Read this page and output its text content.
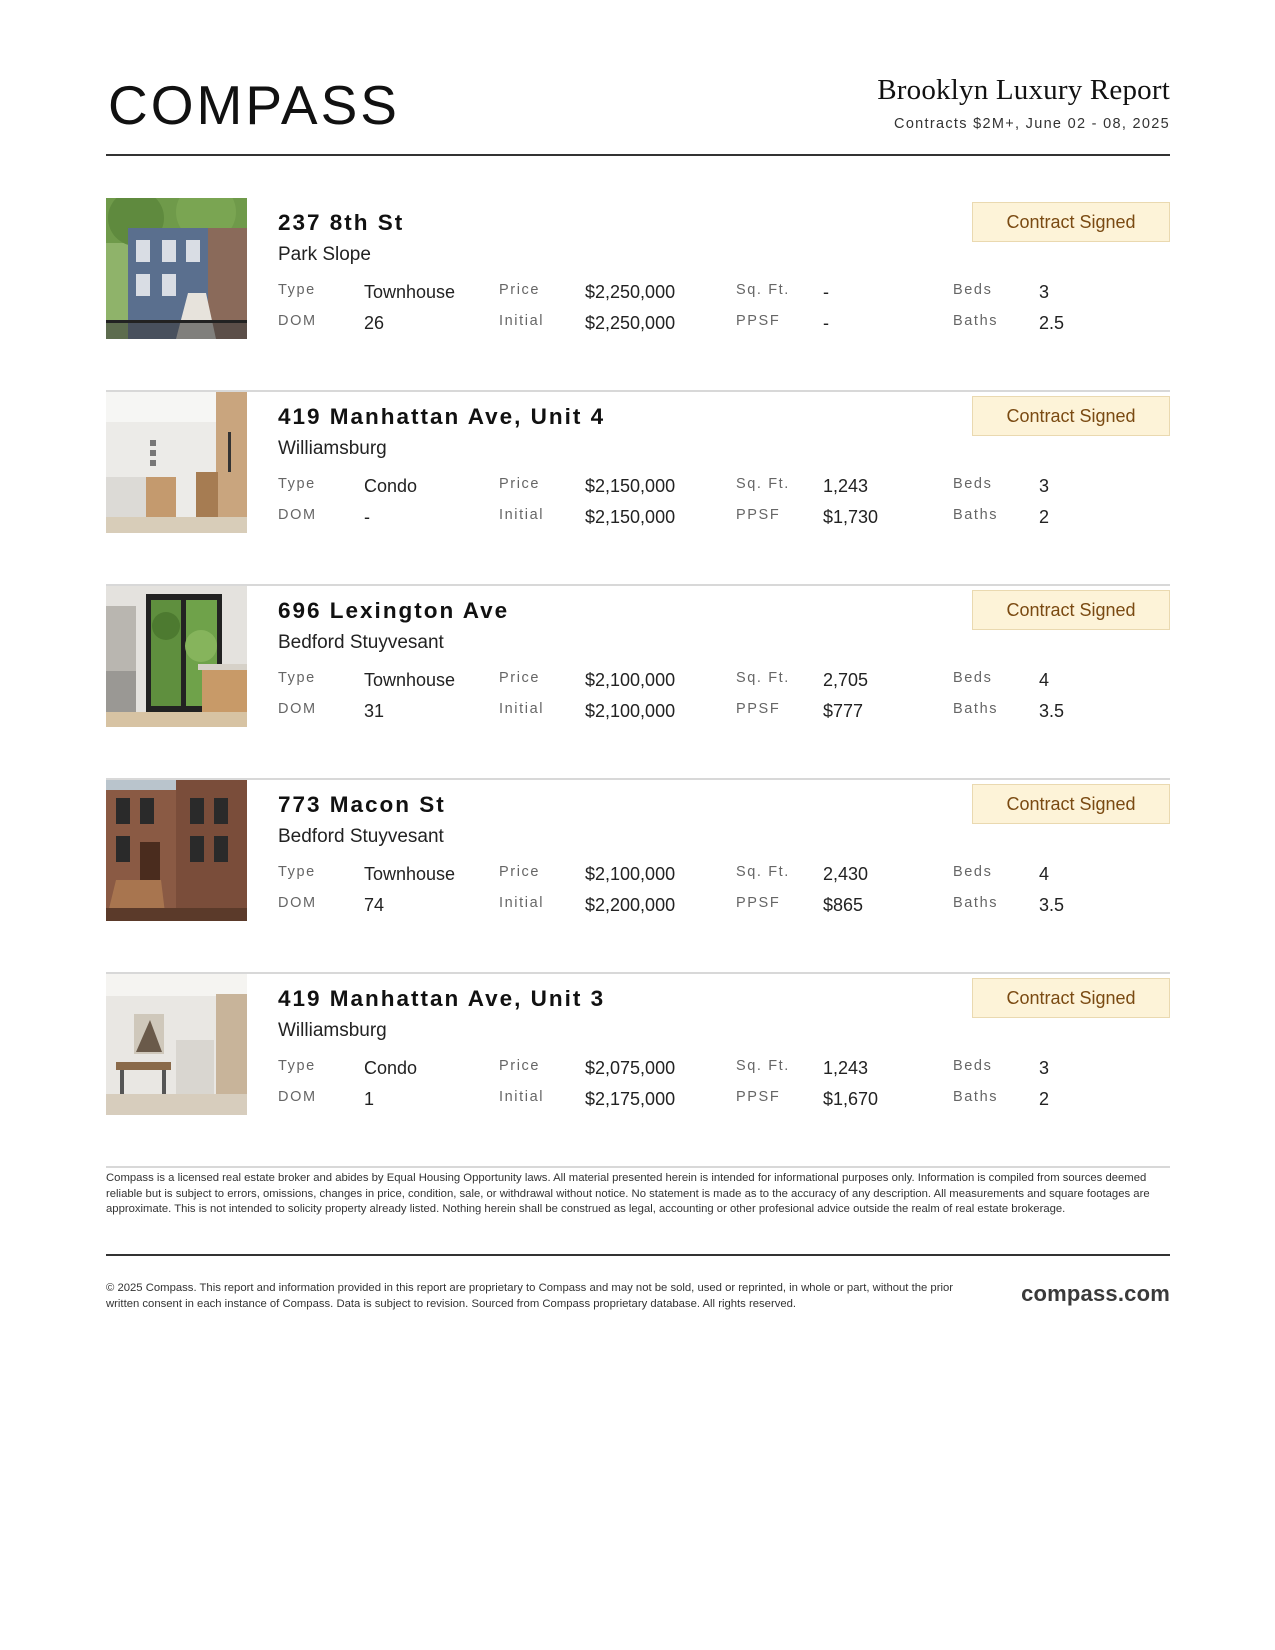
COMPASS	Brooklyn Luxury Report
Contracts $2M+, June 02 - 08, 2025
237 8th St
Park Slope
Contract Signed
Type	Townhouse	Price $2,250,000	Sq. Ft. -	Beds	3
DOM	26	Initial $2,250,000	PPSF -	Baths 2.5
419 Manhattan Ave, Unit 4
Williamsburg
Contract Signed
Type	Condo	Price $2,150,000	Sq. Ft. 1,243	Beds	3
DOM	-	Initial $2,150,000	PPSF $1,730	Baths 2
696 Lexington Ave
Bedford Stuyvesant
Contract Signed
Type	Townhouse	Price $2,100,000	Sq. Ft. 2,705	Beds	4
DOM	31	Initial $2,100,000	PPSF $777	Baths 3.5
773 Macon St
Bedford Stuyvesant
Contract Signed
Type	Townhouse	Price $2,100,000	Sq. Ft. 2,430	Beds	4
DOM	74	Initial $2,200,000	PPSF $865	Baths 3.5
419 Manhattan Ave, Unit 3
Williamsburg
Contract Signed
Type	Condo	Price $2,075,000	Sq. Ft. 1,243	Beds	3
DOM	1	Initial $2,175,000	PPSF $1,670	Baths 2
Compass is a licensed real estate broker and abides by Equal Housing Opportunity laws. All material presented herein is intended for informational purposes only. Information is compiled from sources deemed reliable but is subject to errors, omissions, changes in price, condition, sale, or withdrawal without notice. No statement is made as to the accuracy of any description. All measurements and square footages are approximate. This is not intended to solicity property already listed. Nothing herein shall be construed as legal, accounting or other profesional advice outside the realm of real estate brokerage.
© 2025 Compass. This report and information provided in this report are proprietary to Compass and may not be sold, used or reprinted, in whole or part, without the prior written consent in each instance of Compass. Data is subject to revision. Sourced from Compass proprietary database. All rights reserved.	compass.com
